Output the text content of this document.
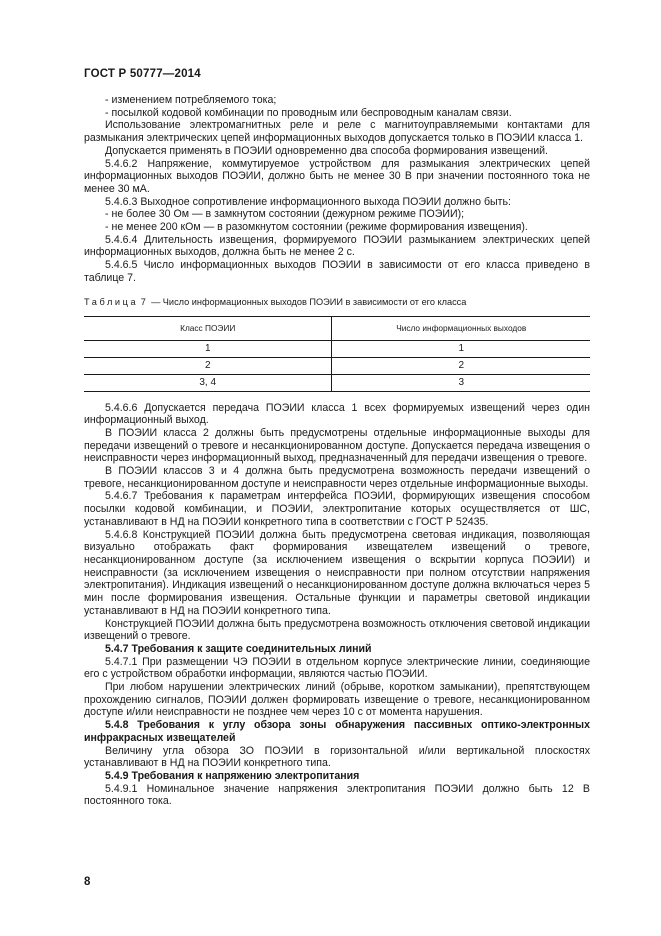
ГОСТ Р 50777—2014

- изменением потребляемого тока;

- посылкой кодовой комбинации по проводным или беспроводным каналам связи.

Использование электромагнитных реле и реле с магнитоуправляемыми контактами для размыкания электрических цепей информационных выходов допускается только в ПОЭИИ класса 1.

Допускается применять в ПОЭИИ одновременно два способа формирования извещений.

5.4.6.2 Напряжение, коммутируемое устройством для размыкания электрических цепей информационных выходов ПОЭИИ, должно быть не менее 30 В при значении постоянного тока не менее 30 мА.

5.4.6.3 Выходное сопротивление информационного выхода ПОЭИИ должно быть:

- не более 30 Ом — в замкнутом состоянии (дежурном режиме ПОЭИИ);

- не менее 200 кОм — в разомкнутом состоянии (режиме формирования извещения).

5.4.6.4 Длительность извещения, формируемого ПОЭИИ размыканием электрических цепей информационных выходов, должна быть не менее 2 с.

5.4.6.5 Число информационных выходов ПОЭИИ в зависимости от его класса приведено в таблице 7.

Таблица 7 — Число информационных выходов ПОЭИИ в зависимости от его класса

Класс ПОЭИИ	Число информационных выходов
1	1
2	2
3, 4	3

5.4.6.6 Допускается передача ПОЭИИ класса 1 всех формируемых извещений через один информационный выход.

В ПОЭИИ класса 2 должны быть предусмотрены отдельные информационные выходы для передачи извещений о тревоге и несанкционированном доступе. Допускается передача извещения о неисправности через информационный выход, предназначенный для передачи извещения о тревоге.

В ПОЭИИ классов 3 и 4 должна быть предусмотрена возможность передачи извещений о тревоге, несанкционированном доступе и неисправности через отдельные информационные выходы.

5.4.6.7 Требования к параметрам интерфейса ПОЭИИ, формирующих извещения способом посылки кодовой комбинации, и ПОЭИИ, электропитание которых осуществляется от ШС, устанавливают в НД на ПОЭИИ конкретного типа в соответствии с ГОСТ Р 52435.

5.4.6.8 Конструкцией ПОЭИИ должна быть предусмотрена световая индикация, позволяющая визуально отображать факт формирования извещателем извещений о тревоге, несанкционированном доступе (за исключением извещения о вскрытии корпуса ПОЭИИ) и неисправности (за исключением извещения о неисправности при полном отсутствии напряжения электропитания). Индикация извещений о несанкционированном доступе должна включаться через 5 мин после формирования извещения. Остальные функции и параметры световой индикации устанавливают в НД на ПОЭИИ конкретного типа.

Конструкцией ПОЭИИ должна быть предусмотрена возможность отключения световой индикации извещений о тревоге.

5.4.7 Требования к защите соединительных линий

5.4.7.1 При размещении ЧЭ ПОЭИИ в отдельном корпусе электрические линии, соединяющие его с устройством обработки информации, являются частью ПОЭИИ.

При любом нарушении электрических линий (обрыве, коротком замыкании), препятствующем прохождению сигналов, ПОЭИИ должен формировать извещение о тревоге, несанкционированном доступе и/или неисправности не позднее чем через 10 с от момента нарушения.

5.4.8 Требования к углу обзора зоны обнаружения пассивных оптико-электронных инфракрасных извещателей

Величину угла обзора ЗО ПОЭИИ в горизонтальной и/или вертикальной плоскостях устанавливают в НД на ПОЭИИ конкретного типа.

5.4.9 Требования к напряжению электропитания

5.4.9.1 Номинальное значение напряжения электропитания ПОЭИИ должно быть 12 В постоянного тока.

8
